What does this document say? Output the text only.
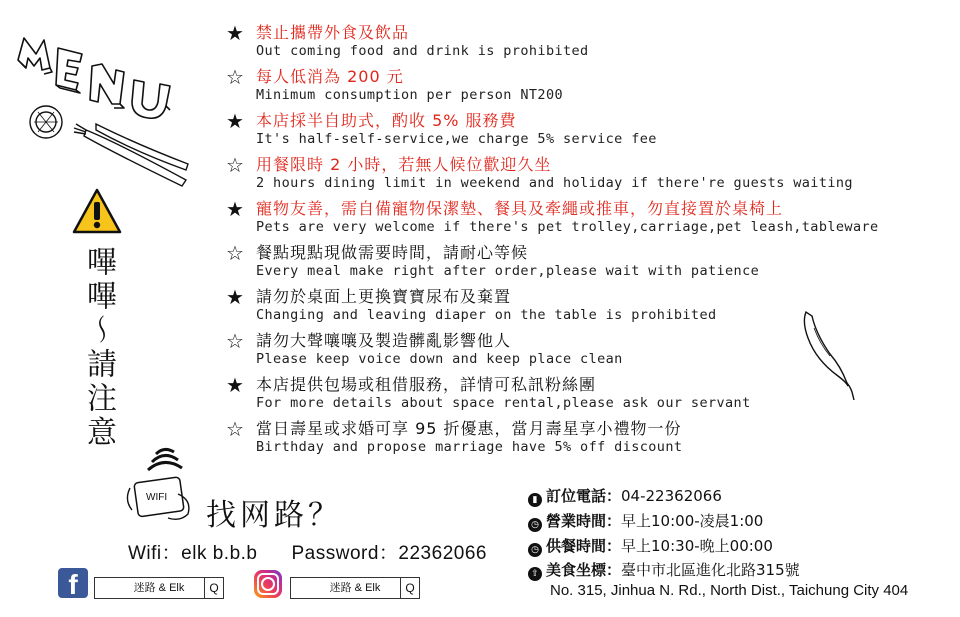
MENU
嗶嗶～請注意
★ 禁止攜帶外食及飲品
Out coming food and drink is prohibited
☆ 每人低消為 200 元
Minimum consumption per person NT200
★ 本店採半自助式，酌收 5% 服務費
It's half-self-service,we charge 5% service fee
☆ 用餐限時 2 小時，若無人候位歡迎久坐
2 hours dining limit in weekend and holiday if there're guests waiting
★ 寵物友善，需自備寵物保潔墊、餐具及牽繩或推車，勿直接置於桌椅上
Pets are very welcome if there's pet trolley,carriage,pet leash,tableware
☆ 餐點現點現做需要時間，請耐心等候
Every meal make right after order,please wait with patience
★ 請勿於桌面上更換寶寶尿布及棄置
Changing and leaving diaper on the table is prohibited
☆ 請勿大聲嚷嚷及製造髒亂影響他人
Please keep voice down and keep place clean
★ 本店提供包場或租借服務，詳情可私訊粉絲團
For more details about space rental,please ask our servant
☆ 當日壽星或求婚可享 95 折優惠，當月壽星享小禮物一份
Birthday and propose marriage have 5% off discount
WIFI
找网路？
Wifi：elk b.b.b Password：22362066
f	迷路 & Elk	Q	迷路 & Elk	Q
▮ 訂位電話：04-22362066
◷ 營業時間：早上10:00-凌晨1:00
◷ 供餐時間：早上10:30-晚上00:00
⇧ 美食坐標：臺中市北區進化北路315號
No. 315, Jinhua N. Rd., North Dist., Taichung City 404
